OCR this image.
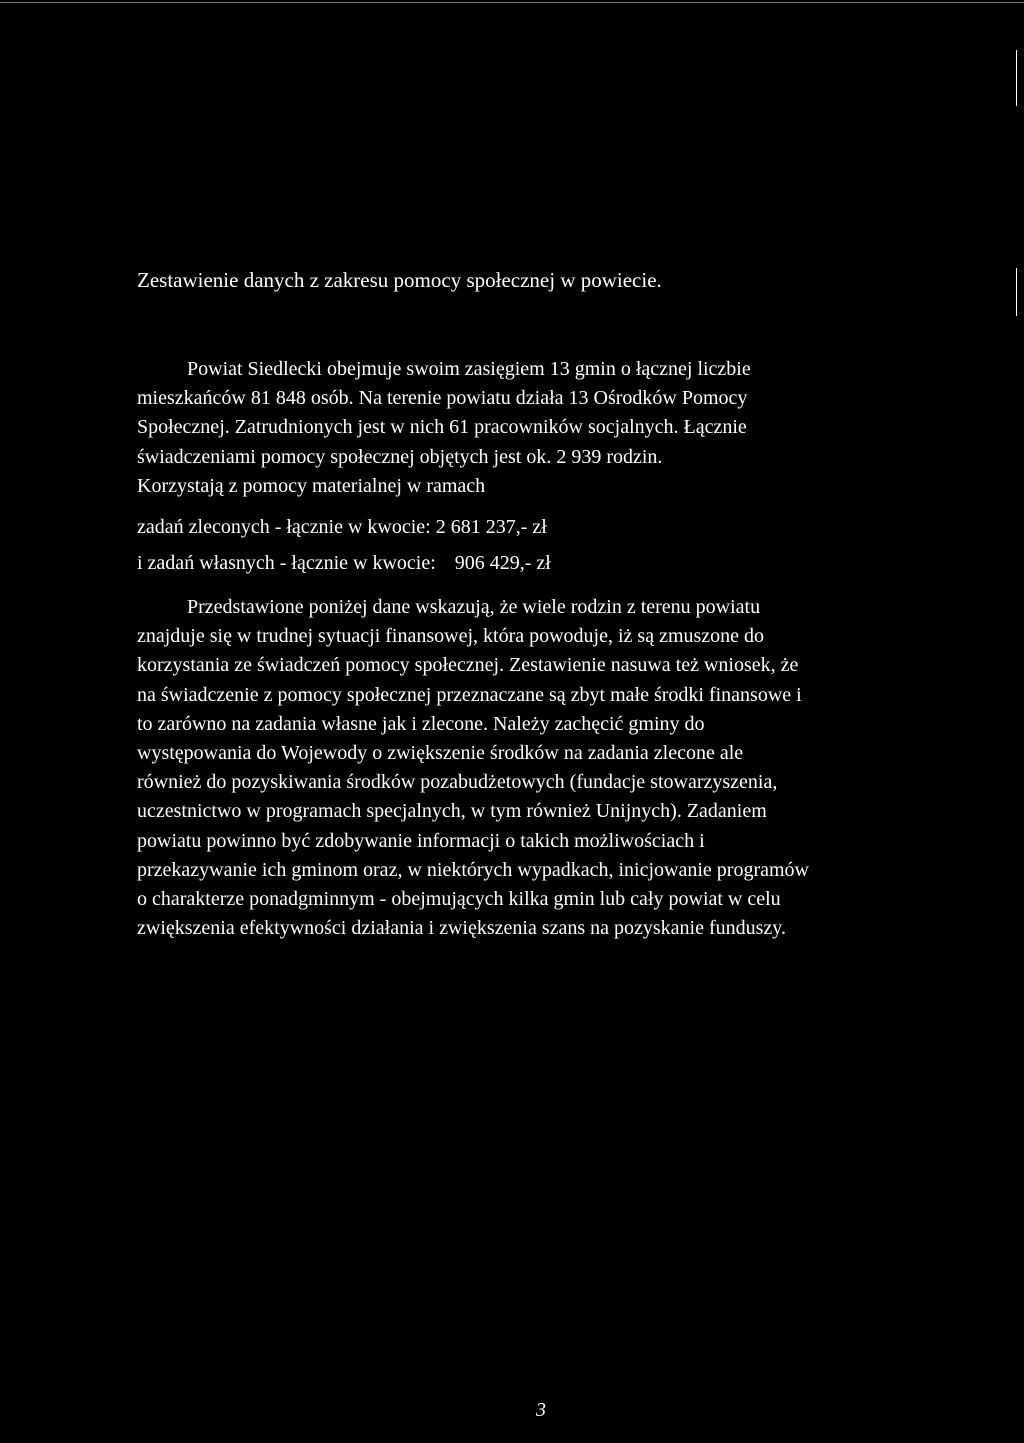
Zestawienie danych z zakresu pomocy społecznej w powiecie.
Powiat Siedlecki obejmuje swoim zasięgiem 13 gmin o łącznej liczbie
mieszkańców 81 848 osób. Na terenie powiatu działa 13 Ośrodków Pomocy
Społecznej. Zatrudnionych jest w nich 61 pracowników socjalnych. Łącznie
świadczeniami pomocy społecznej objętych jest ok. 2 939 rodzin.
Korzystają z pomocy materialnej w ramach
zadań zleconych - łącznie w kwocie: 2 681 237,- zł
i zadań własnych - łącznie w kwocie: 906 429,- zł
Przedstawione poniżej dane wskazują, że wiele rodzin z terenu powiatu
znajduje się w trudnej sytuacji finansowej, która powoduje, iż są zmuszone do
korzystania ze świadczeń pomocy społecznej. Zestawienie nasuwa też wniosek, że
na świadczenie z pomocy społecznej przeznaczane są zbyt małe środki finansowe i
to zarówno na zadania własne jak i zlecone. Należy zachęcić gminy do
występowania do Wojewody o zwiększenie środków na zadania zlecone ale
również do pozyskiwania środków pozabudżetowych (fundacje stowarzyszenia,
uczestnictwo w programach specjalnych, w tym również Unijnych). Zadaniem
powiatu powinno być zdobywanie informacji o takich możliwościach i
przekazywanie ich gminom oraz, w niektórych wypadkach, inicjowanie programów
o charakterze ponadgminnym - obejmujących kilka gmin lub cały powiat w celu
zwiększenia efektywności działania i zwiększenia szans na pozyskanie funduszy.
3
